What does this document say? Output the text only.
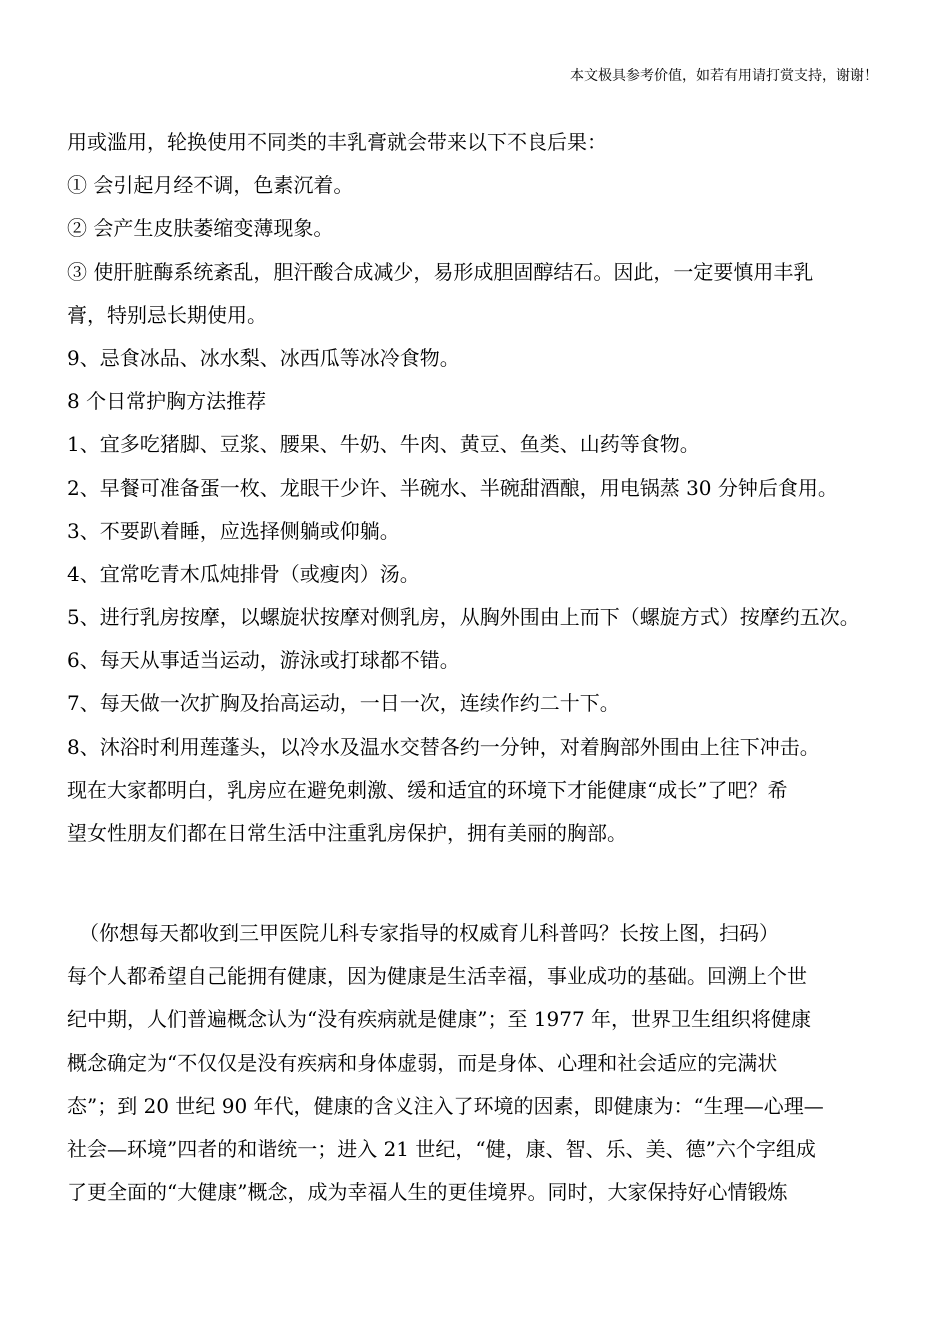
本文极具参考价值，如若有用请打赏支持，谢谢！
用或滥用，轮换使用不同类的丰乳膏就会带来以下不良后果：
① 会引起月经不调，色素沉着。
② 会产生皮肤萎缩变薄现象。
③ 使肝脏酶系统紊乱，胆汗酸合成减少，易形成胆固醇结石。因此，一定要慎用丰乳
膏，特别忌长期使用。
9、忌食冰品、冰水梨、冰西瓜等冰冷食物。
8 个日常护胸方法推荐
1、宜多吃猪脚、豆浆、腰果、牛奶、牛肉、黄豆、鱼类、山药等食物。
2、早餐可准备蛋一枚、龙眼干少许、半碗水、半碗甜酒酿，用电锅蒸 30 分钟后食用。
3、不要趴着睡，应选择侧躺或仰躺。
4、宜常吃青木瓜炖排骨（或瘦肉）汤。
5、进行乳房按摩，以螺旋状按摩对侧乳房，从胸外围由上而下（螺旋方式）按摩约五次。
6、每天从事适当运动，游泳或打球都不错。
7、每天做一次扩胸及抬高运动，一日一次，连续作约二十下。
8、沐浴时利用莲蓬头，以冷水及温水交替各约一分钟，对着胸部外围由上往下冲击。
现在大家都明白，乳房应在避免刺激、缓和适宜的环境下才能健康“成长”了吧？希
望女性朋友们都在日常生活中注重乳房保护，拥有美丽的胸部。
（你想每天都收到三甲医院儿科专家指导的权威育儿科普吗？长按上图，扫码）
每个人都希望自己能拥有健康，因为健康是生活幸福，事业成功的基础。回溯上个世
纪中期，人们普遍概念认为“没有疾病就是健康”；至 1977 年，世界卫生组织将健康
概念确定为“不仅仅是没有疾病和身体虚弱，而是身体、心理和社会适应的完满状
态”；到 20 世纪 90 年代，健康的含义注入了环境的因素，即健康为：“生理—心理—
社会—环境”四者的和谐统一；进入 21 世纪，“健，康、智、乐、美、德”六个字组成
了更全面的“大健康”概念，成为幸福人生的更佳境界。同时，大家保持好心情锻炼
